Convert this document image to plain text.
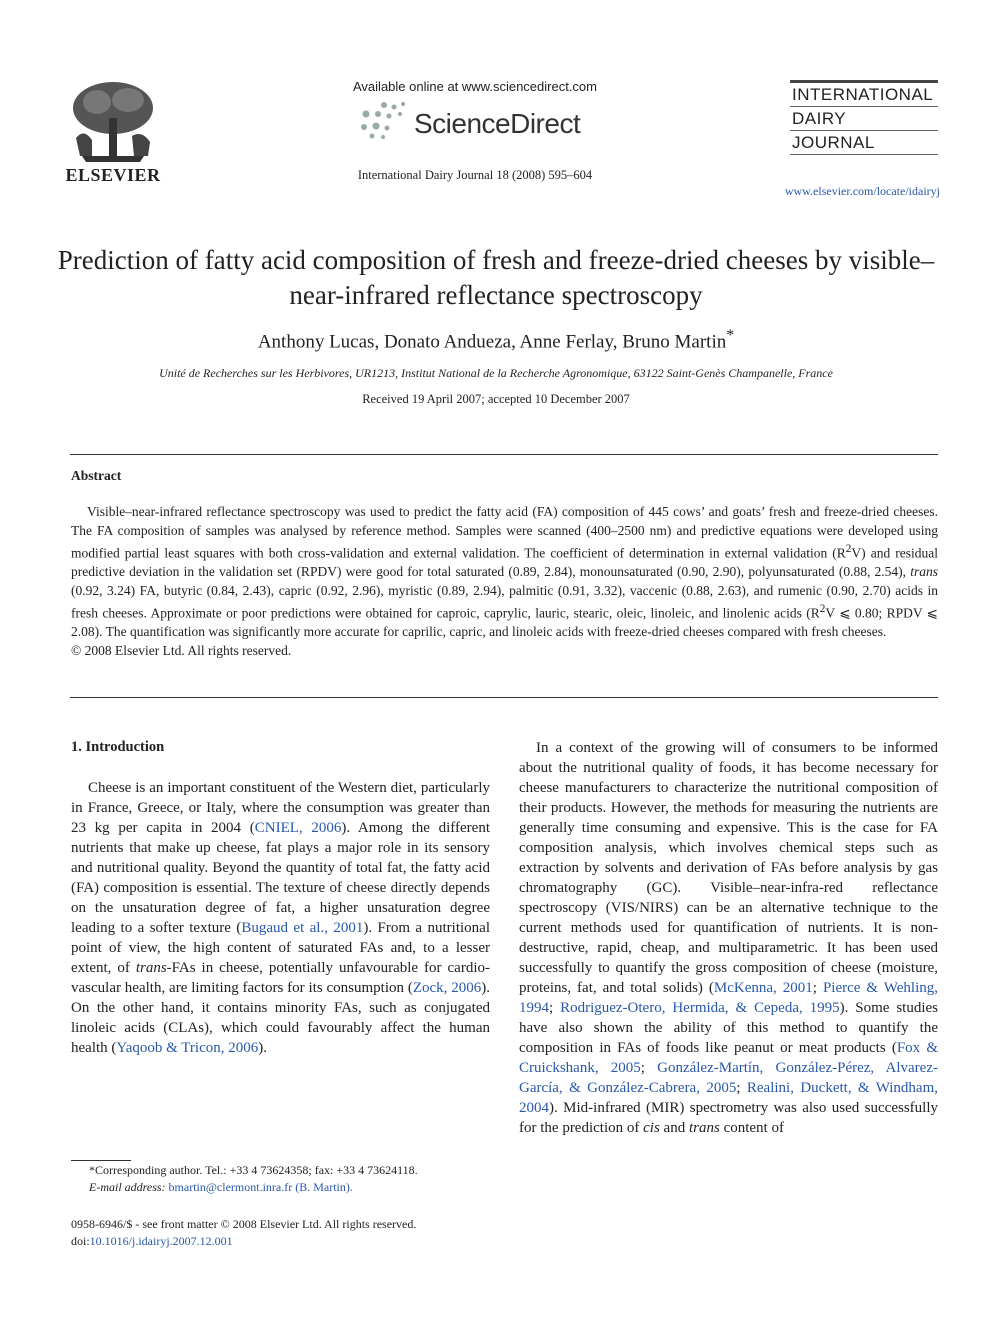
ELSEVIER
Available online at www.sciencedirect.com
ScienceDirect
International Dairy Journal 18 (2008) 595–604
INTERNATIONAL
DAIRY
JOURNAL
www.elsevier.com/locate/idairyj
Prediction of fatty acid composition of fresh and freeze-dried cheeses by visible–near-infrared reflectance spectroscopy
Anthony Lucas, Donato Andueza, Anne Ferlay, Bruno Martin*
Unité de Recherches sur les Herbivores, UR1213, Institut National de la Recherche Agronomique, 63122 Saint-Genès Champanelle, France
Received 19 April 2007; accepted 10 December 2007
Abstract

Visible–near-infrared reflectance spectroscopy was used to predict the fatty acid (FA) composition of 445 cows’ and goats’ fresh and freeze-dried cheeses. The FA composition of samples was analysed by reference method. Samples were scanned (400–2500 nm) and predictive equations were developed using modified partial least squares with both cross-validation and external validation. The coefficient of determination in external validation $(R^2V)$ and residual predictive deviation in the validation set (RPDV) were good for total saturated (0.89, 2.84), monounsaturated (0.90, 2.90), polyunsaturated (0.88, 2.54), trans (0.92, 3.24) FA, butyric (0.84, 2.43), capric (0.92, 2.96), myristic (0.89, 2.94), palmitic (0.91, 3.32), vaccenic (0.88, 2.63), and rumenic (0.90, 2.70) acids in fresh cheeses. Approximate or poor predictions were obtained for caproic, caprylic, lauric, stearic, oleic, linoleic, and linolenic acids ($R^2V$ ⩽ 0.80; RPDV ⩽ 2.08). The quantification was significantly more accurate for caprilic, capric, and linoleic acids with freeze-dried cheeses compared with fresh cheeses.

© 2008 Elsevier Ltd. All rights reserved.
1. Introduction

Cheese is an important constituent of the Western diet, particularly in France, Greece, or Italy, where the consumption was greater than 23 kg per capita in 2004 (CNIEL, 2006). Among the different nutrients that make up cheese, fat plays a major role in its sensory and nutritional quality. Beyond the quantity of total fat, the fatty acid (FA) composition is essential. The texture of cheese directly depends on the unsaturation degree of fat, a higher unsaturation degree leading to a softer texture (Bugaud et al., 2001). From a nutritional point of view, the high content of saturated FAs and, to a lesser extent, of trans-FAs in cheese, potentially unfavourable for cardio-vascular health, are limiting factors for its consumption (Zock, 2006). On the other hand, it contains minority FAs, such as conjugated linoleic acids (CLAs), which could favourably affect the human health (Yaqoob & Tricon, 2006).

In a context of the growing will of consumers to be informed about the nutritional quality of foods, it has become necessary for cheese manufacturers to characterize the nutritional composition of their products. However, the methods for measuring the nutrients are generally time consuming and expensive. This is the case for FA composition analysis, which involves chemical steps such as extraction by solvents and derivation of FAs before analysis by gas chromatography (GC). Visible–near-infra-red reflectance spectroscopy (VIS/NIRS) can be an alternative technique to the current methods used for quantification of nutrients. It is non-destructive, rapid, cheap, and multiparametric. It has been used successfully to quantify the gross composition of cheese (moisture, proteins, fat, and total solids) (McKenna, 2001; Pierce & Wehling, 1994; Rodriguez-Otero, Hermida, & Cepeda, 1995). Some studies have also shown the ability of this method to quantify the composition in FAs of foods like peanut or meat products (Fox & Cruickshank, 2005; González-Martín, González-Pérez, Alvarez-García, & González-Cabrera, 2005; Realini, Duckett, & Windham, 2004). Mid-infrared (MIR) spectrometry was also used successfully for the prediction of cis and trans content of

*Corresponding author. Tel.: +33 4 73624358; fax: +33 4 73624118.
E-mail address: bmartin@clermont.inra.fr (B. Martin).
0958-6946/$ - see front matter © 2008 Elsevier Ltd. All rights reserved.
doi:10.1016/j.idairyj.2007.12.001
